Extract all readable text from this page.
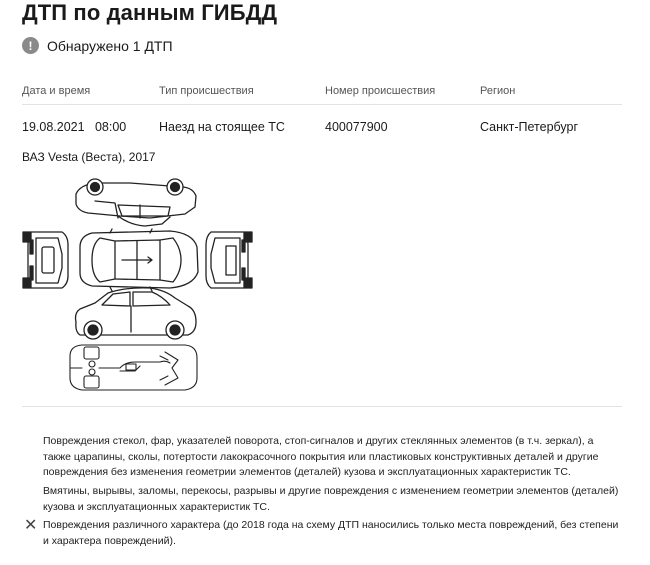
ДТП по данным ГИБДД
!	Обнаружено 1 ДТП
Дата и время	Тип происшествия	Номер происшествия	Регион
19.08.2021   08:00	Наезд на стоящее ТС	400077900	Санкт-Петербург
ВАЗ Vesta (Веста), 2017
Повреждения стекол, фар, указателей поворота, стоп-сигналов и других стеклянных элементов (в т.ч. зеркал), а также царапины, сколы, потертости лакокрасочного покрытия или пластиковых конструктивных деталей и другие повреждения без изменения геометрии элементов (деталей) кузова и эксплуатационных характеристик ТС.
Вмятины, вырывы, заломы, перекосы, разрывы и другие повреждения с изменением геометрии элементов (деталей) кузова и эксплуатационных характеристик ТС.
✕ Повреждения различного характера (до 2018 года на схему ДТП наносились только места повреждений, без степени и характера повреждений).
